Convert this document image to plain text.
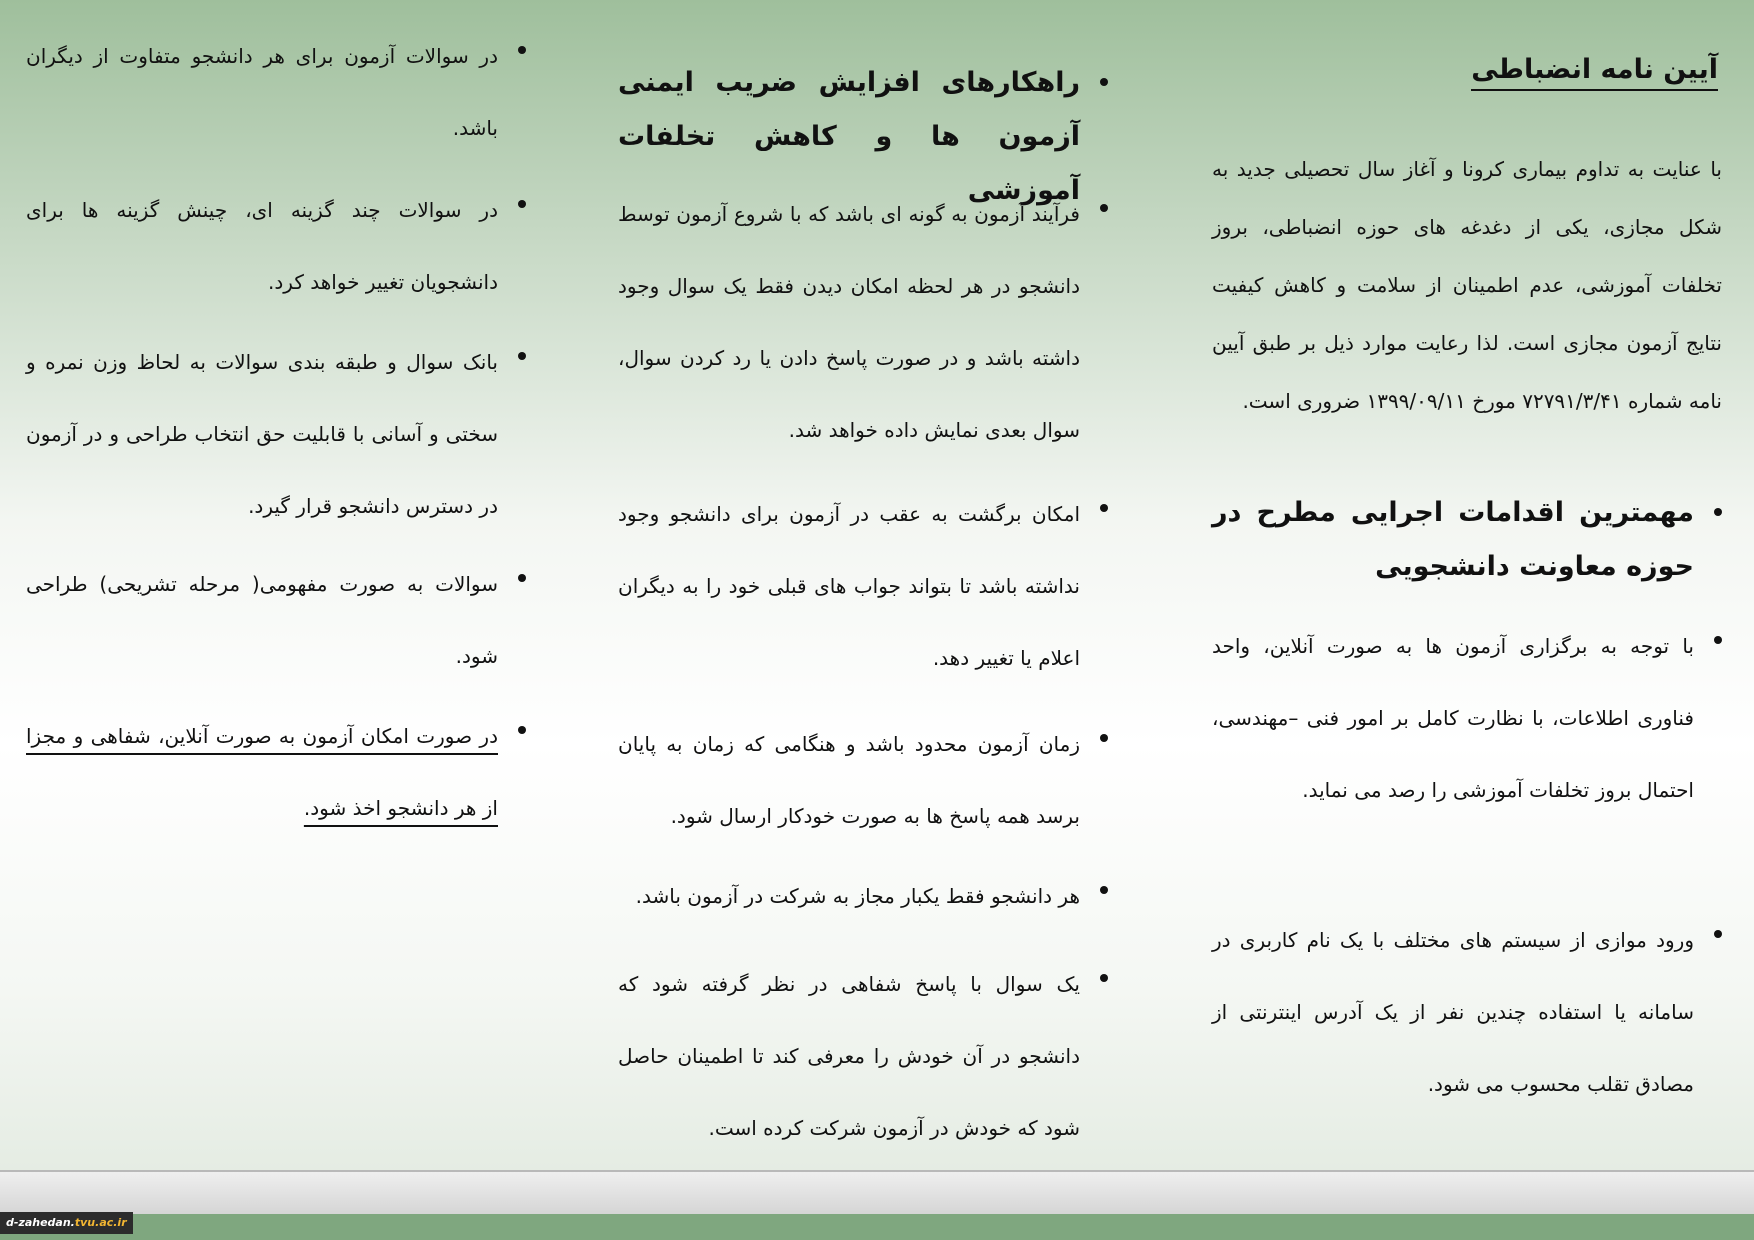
آیین نامه انضباطی
با عنایت به تداوم بیماری کرونا و آغاز سال تحصیلی جدید به شکل مجازی، یکی از دغدغه های حوزه انضباطی، بروز تخلفات آموزشی، عدم اطمینان از سلامت و کاهش کیفیت نتایج آزمون مجازی است. لذا رعایت موارد ذیل بر طبق آیین نامه شماره ۷۲۷۹۱/۳/۴۱ مورخ ۱۳۹۹/۰۹/۱۱ ضروری است.
مهمترین اقدامات اجرایی مطرح در حوزه معاونت دانشجویی
با توجه به برگزاری آزمون ها به صورت آنلاین، واحد فناوری اطلاعات، با نظارت کامل بر امور فنی –مهندسی، احتمال بروز تخلفات آموزشی را رصد می نماید.
ورود موازی از سیستم های مختلف با یک نام کاربری در سامانه یا استفاده چندین نفر از یک آدرس اینترنتی از مصادق تقلب محسوب می شود.
راهکارهای افزایش ضریب ایمنی آزمون ها و کاهش تخلفات آموزشی
فرآیند آزمون به گونه ای باشد که با شروع آزمون توسط دانشجو در هر لحظه امکان دیدن فقط یک سوال وجود داشته باشد و در صورت پاسخ دادن یا رد کردن سوال، سوال بعدی نمایش داده خواهد شد.
امکان برگشت به عقب در آزمون برای دانشجو وجود نداشته باشد تا بتواند جواب های قبلی خود را به دیگران اعلام یا تغییر دهد.
زمان آزمون محدود باشد و هنگامی که زمان به پایان برسد همه پاسخ ها به صورت خودکار ارسال شود.
هر دانشجو فقط یکبار مجاز به شرکت در آزمون باشد.
یک سوال با پاسخ شفاهی در نظر گرفته شود که دانشجو در آن خودش را معرفی کند تا اطمینان حاصل شود که خودش در آزمون شرکت کرده است.
در سوالات آزمون برای هر دانشجو متفاوت از دیگران باشد.
در سوالات چند گزینه ای، چینش گزینه ها برای دانشجویان تغییر خواهد کرد.
بانک سوال و طبقه بندی سوالات به لحاظ وزن نمره و سختی و آسانی با قابلیت حق انتخاب طراحی و در آزمون در دسترس دانشجو قرار گیرد.
سوالات به صورت مفهومی( مرحله تشریحی) طراحی شود.
در صورت امکان آزمون به صورت آنلاین، شفاهی و مجزا از هر دانشجو اخذ شود.
d-zahedan.tvu.ac.ir
